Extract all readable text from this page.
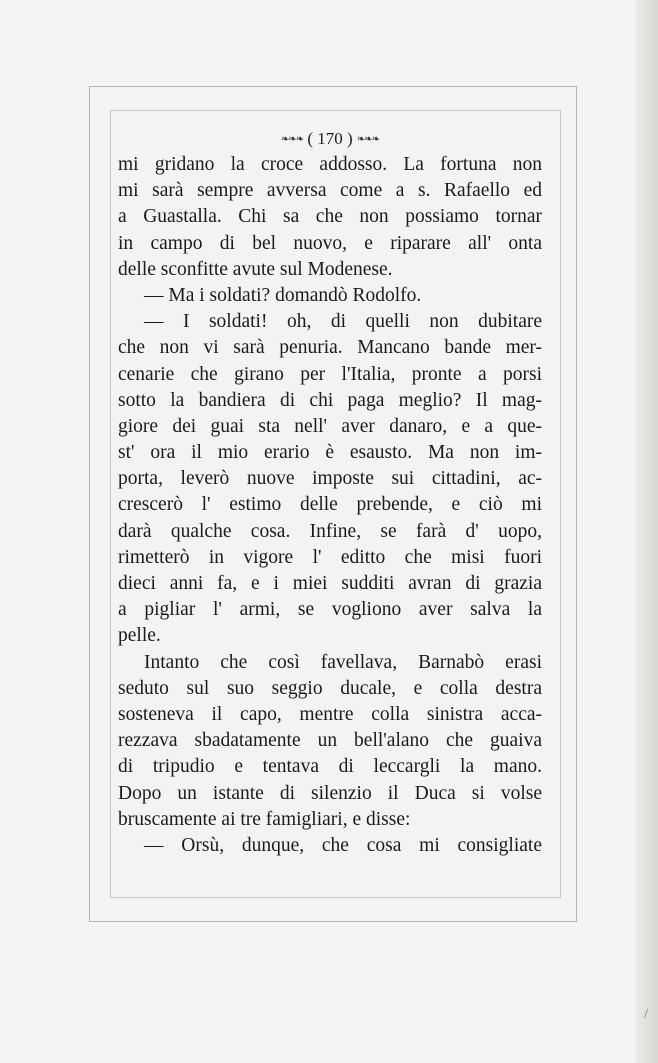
❧❧❧ ( 170 ) ❧❧❧
mi gridano la croce addosso. La fortuna non
mi sarà sempre avversa come a s. Rafaello ed
a Guastalla. Chi sa che non possiamo tornar
in campo di bel nuovo, e riparare all' onta
delle sconfitte avute sul Modenese.
— Ma i soldati? domandò Rodolfo.
— I soldati! oh, di quelli non dubitare
che non vi sarà penuria. Mancano bande mer-
cenarie che girano per l'Italia, pronte a porsi
sotto la bandiera di chi paga meglio? Il mag-
giore dei guai sta nell' aver danaro, e a que-
st' ora il mio erario è esausto. Ma non im-
porta, leverò nuove imposte sui cittadini, ac-
crescerò l' estimo delle prebende, e ciò mi
darà qualche cosa. Infine, se farà d' uopo,
rimetterò in vigore l' editto che misi fuori
dieci anni fa, e i miei sudditi avran di grazia
a pigliar l' armi, se vogliono aver salva la
pelle.
Intanto che così favellava, Barnabò erasi
seduto sul suo seggio ducale, e colla destra
sosteneva il capo, mentre colla sinistra acca-
rezzava sbadatamente un bell'alano che guaiva
di tripudio e tentava di leccargli la mano.
Dopo un istante di silenzio il Duca si volse
bruscamente ai tre famigliari, e disse:
— Orsù, dunque, che cosa mi consigliate
/
